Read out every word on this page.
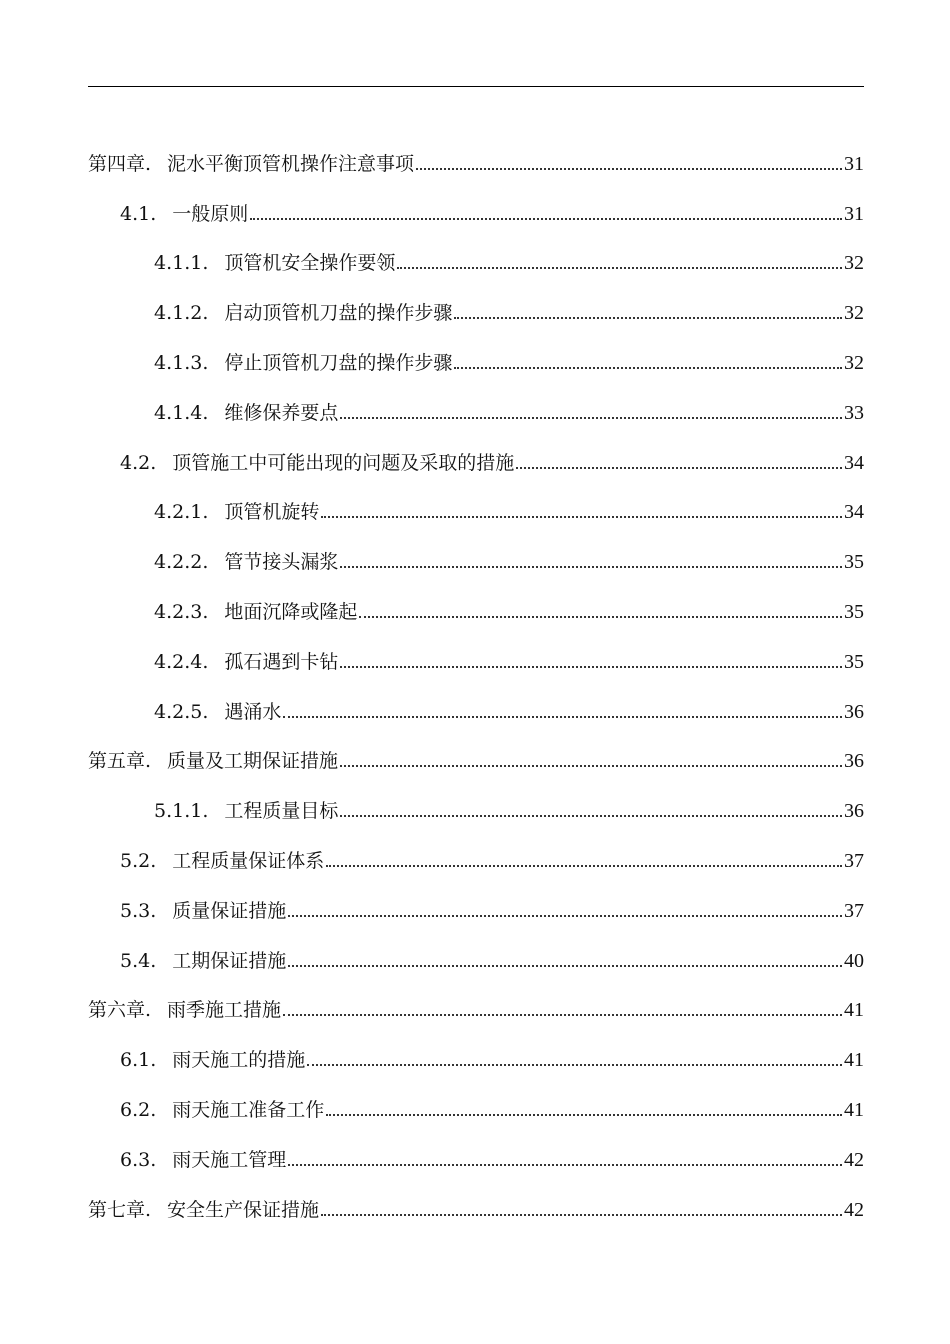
第四章. 泥水平衡顶管机操作注意事项	31
4.1. 一般原则	31
4.1.1. 顶管机安全操作要领	32
4.1.2. 启动顶管机刀盘的操作步骤	32
4.1.3. 停止顶管机刀盘的操作步骤	32
4.1.4. 维修保养要点	33
4.2. 顶管施工中可能出现的问题及采取的措施	34
4.2.1. 顶管机旋转	34
4.2.2. 管节接头漏浆	35
4.2.3. 地面沉降或隆起	35
4.2.4. 孤石遇到卡钻	35
4.2.5. 遇涌水	36
第五章. 质量及工期保证措施	36
5.1.1. 工程质量目标	36
5.2. 工程质量保证体系	37
5.3. 质量保证措施	37
5.4. 工期保证措施	40
第六章. 雨季施工措施	41
6.1. 雨天施工的措施	41
6.2. 雨天施工准备工作	41
6.3. 雨天施工管理	42
第七章. 安全生产保证措施	42
